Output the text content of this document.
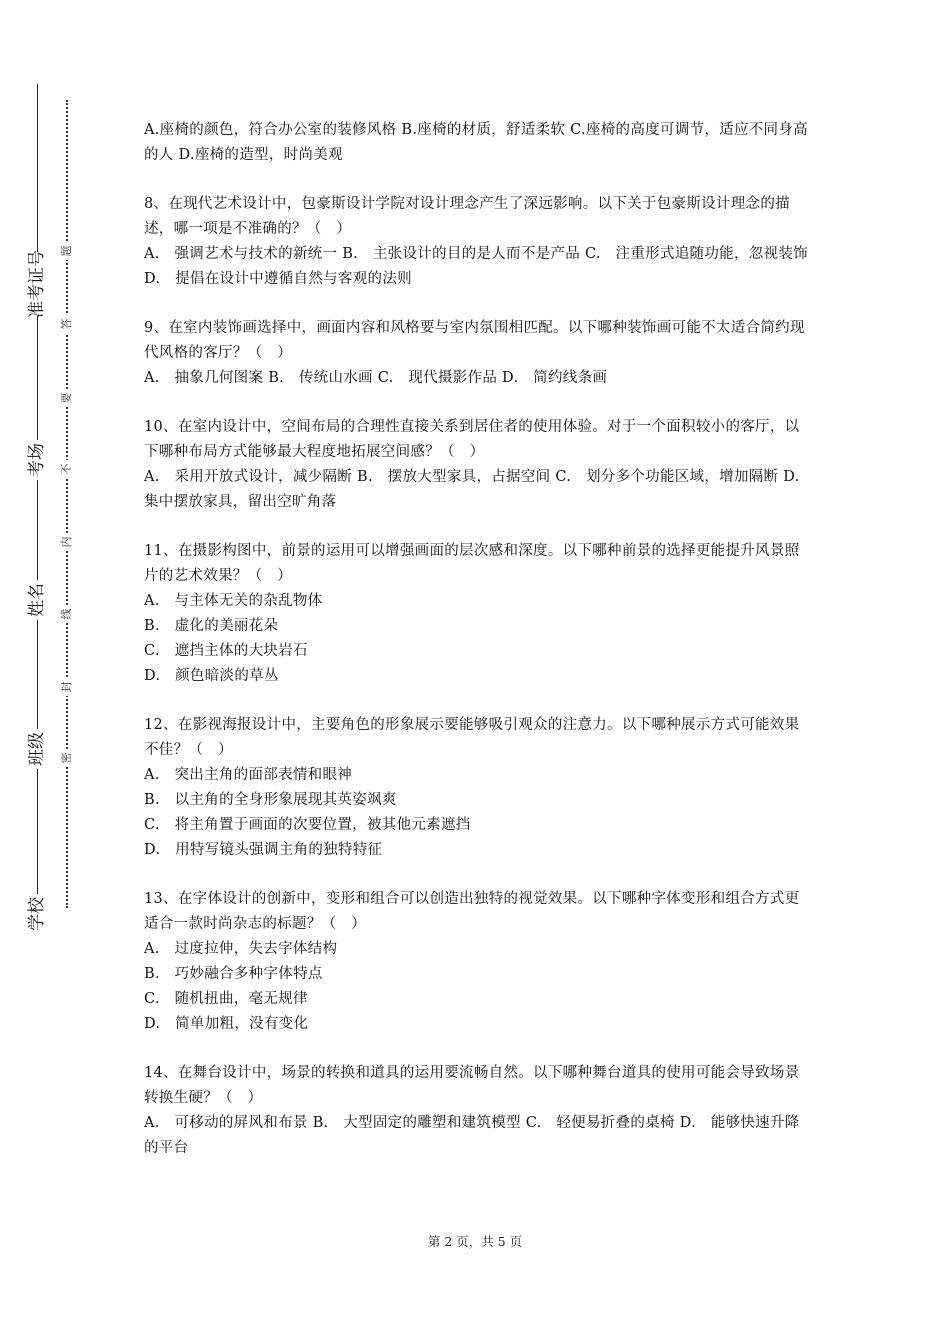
准考证号
考场
姓名
班级
学校
题
答
要
不
内
线
封
密

A.座椅的颜色，符合办公室的装修风格 B.座椅的材质，舒适柔软 C.座椅的高度可调节，适应不同身高的人 D.座椅的造型，时尚美观

8、在现代艺术设计中，包豪斯设计学院对设计理念产生了深远影响。以下关于包豪斯设计理念的描述，哪一项是不准确的？（　）

A.　强调艺术与技术的新统一 B.　主张设计的目的是人而不是产品 C.　注重形式追随功能，忽视装饰 D.　提倡在设计中遵循自然与客观的法则

9、在室内装饰画选择中，画面内容和风格要与室内氛围相匹配。以下哪种装饰画可能不太适合简约现代风格的客厅？（　）

A.　抽象几何图案 B.　传统山水画 C.　现代摄影作品 D.　简约线条画

10、在室内设计中，空间布局的合理性直接关系到居住者的使用体验。对于一个面积较小的客厅，以下哪种布局方式能够最大程度地拓展空间感？（　）

A.　采用开放式设计，减少隔断 B.　摆放大型家具，占据空间 C.　划分多个功能区域，增加隔断 D.　集中摆放家具，留出空旷角落

11、在摄影构图中，前景的运用可以增强画面的层次感和深度。以下哪种前景的选择更能提升风景照片的艺术效果？（　）

A.　与主体无关的杂乱物体

B.　虚化的美丽花朵

C.　遮挡主体的大块岩石

D.　颜色暗淡的草丛

12、在影视海报设计中，主要角色的形象展示要能够吸引观众的注意力。以下哪种展示方式可能效果不佳？（　）

A.　突出主角的面部表情和眼神

B.　以主角的全身形象展现其英姿飒爽

C.　将主角置于画面的次要位置，被其他元素遮挡

D.　用特写镜头强调主角的独特特征

13、在字体设计的创新中，变形和组合可以创造出独特的视觉效果。以下哪种字体变形和组合方式更适合一款时尚杂志的标题？（　）

A.　过度拉伸，失去字体结构

B.　巧妙融合多种字体特点

C.　随机扭曲，毫无规律

D.　简单加粗，没有变化

14、在舞台设计中，场景的转换和道具的运用要流畅自然。以下哪种舞台道具的使用可能会导致场景转换生硬？（　）

A.　可移动的屏风和布景 B.　大型固定的雕塑和建筑模型 C.　轻便易折叠的桌椅 D.　能够快速升降的平台

第 2 页，共 5 页
